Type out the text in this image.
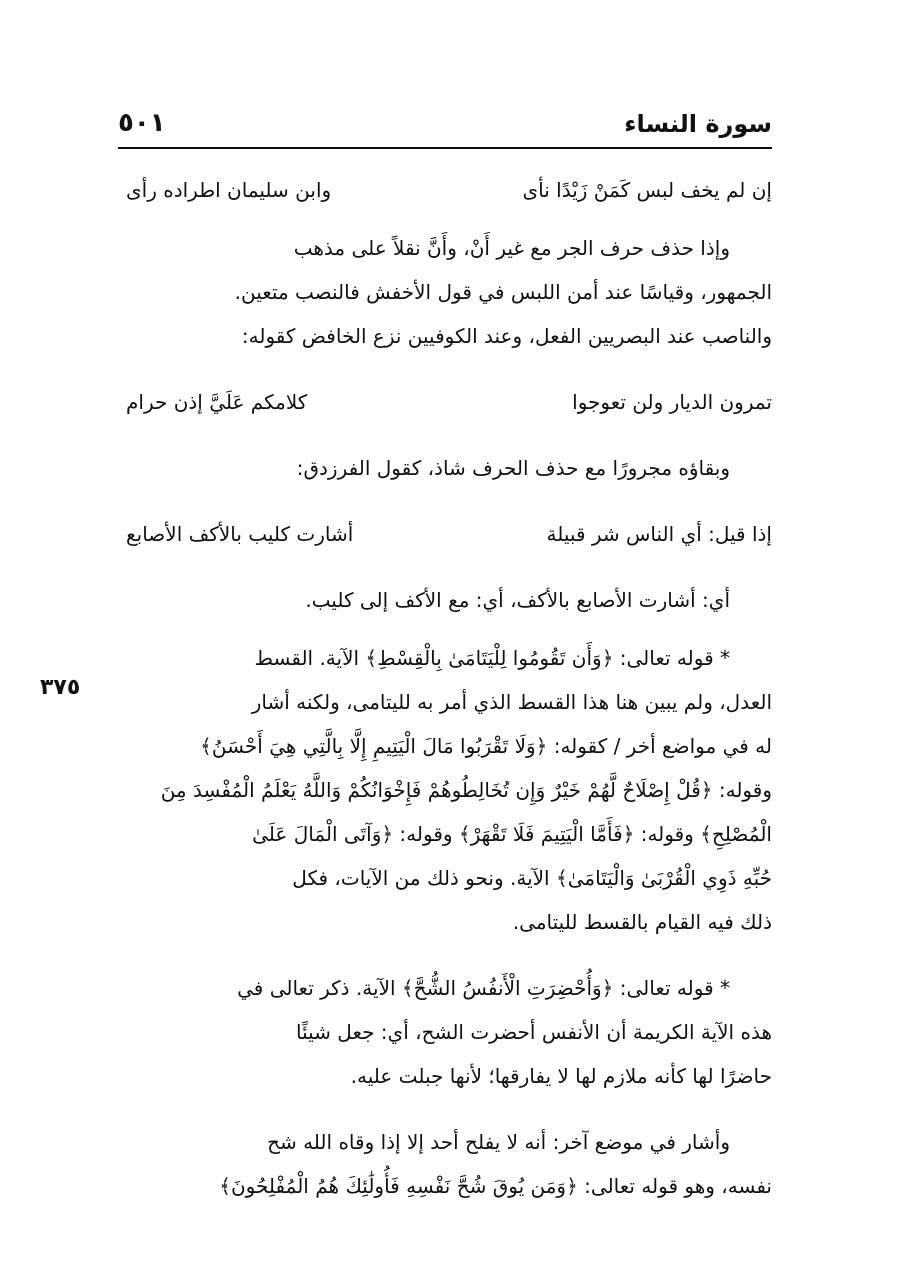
٥٠١	سورة النساء
٣٧٥
إن لم يخف لبس كَمَنْ زَيْدًا نأى
وابن سليمان اطراده رأى
وإذا حذف حرف الجر مع غير أَنْ، وأَنَّ نقلاً على مذهب
الجمهور، وقياسًا عند أمن اللبس في قول الأخفش فالنصب متعين.
والناصب عند البصريين الفعل، وعند الكوفيين نزع الخافض كقوله:
تمرون الديار ولن تعوجوا
كلامكم عَلَيَّ إذن حرام
وبقاؤه مجرورًا مع حذف الحرف شاذ، كقول الفرزدق:
إذا قيل: أي الناس شر قبيلة
أشارت كليب بالأكف الأصابع
أي: أشارت الأصابع بالأكف، أي: مع الأكف إلى كليب.
* قوله تعالى: ﴿وَأَن تَقُومُوا لِلْيَتَامَىٰ بِالْقِسْطِ﴾ الآية. القسط
العدل، ولم يبين هنا هذا القسط الذي أمر به لليتامى، ولكنه أشار
له في مواضع أخر / كقوله: ﴿وَلَا تَقْرَبُوا مَالَ الْيَتِيمِ إِلَّا بِالَّتِي هِيَ أَحْسَنُ﴾
وقوله: ﴿قُلْ إِصْلَاحٌ لَّهُمْ خَيْرٌ وَإِن تُخَالِطُوهُمْ فَإِخْوَانُكُمْ وَاللَّهُ يَعْلَمُ الْمُفْسِدَ مِنَ
الْمُصْلِحِ﴾ وقوله: ﴿فَأَمَّا الْيَتِيمَ فَلَا تَقْهَرْ﴾ وقوله: ﴿وَآتَى الْمَالَ عَلَىٰ
حُبِّهِ ذَوِي الْقُرْبَىٰ وَالْيَتَامَىٰ﴾ الآية. ونحو ذلك من الآيات، فكل
ذلك فيه القيام بالقسط لليتامى.
* قوله تعالى: ﴿وَأُحْضِرَتِ الْأَنفُسُ الشُّحَّ﴾ الآية. ذكر تعالى في
هذه الآية الكريمة أن الأنفس أحضرت الشح، أي: جعل شيئًا
حاضرًا لها كأنه ملازم لها لا يفارقها؛ لأنها جبلت عليه.
وأشار في موضع آخر: أنه لا يفلح أحد إلا إذا وقاه الله شح
نفسه، وهو قوله تعالى: ﴿وَمَن يُوقَ شُحَّ نَفْسِهِ فَأُولَٰئِكَ هُمُ الْمُفْلِحُونَ﴾
